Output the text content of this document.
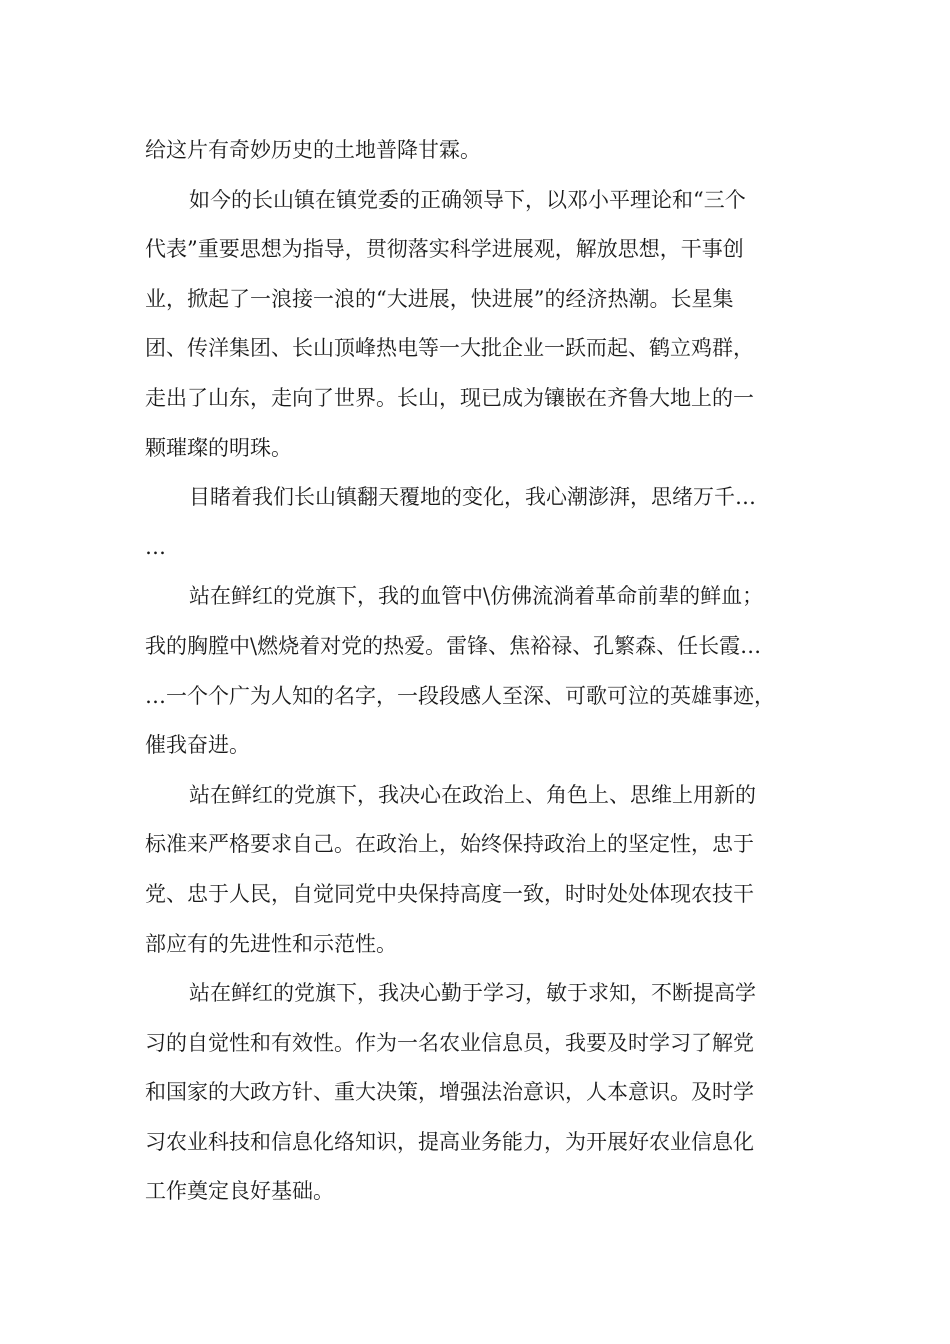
给这片有奇妙历史的土地普降甘霖。
如今的长山镇在镇党委的正确领导下，以邓小平理论和“三个
代表”重要思想为指导，贯彻落实科学进展观，解放思想，干事创
业，掀起了一浪接一浪的“大进展，快进展”的经济热潮。长星集
团、传洋集团、长山顶峰热电等一大批企业一跃而起、鹤立鸡群，
走出了山东，走向了世界。长山，现已成为镶嵌在齐鲁大地上的一
颗璀璨的明珠。
目睹着我们长山镇翻天覆地的变化，我心潮澎湃，思绪万千…
…
站在鲜红的党旗下，我的血管中\仿佛流淌着革命前辈的鲜血；
我的胸膛中\燃烧着对党的热爱。雷锋、焦裕禄、孔繁森、任长霞…
…一个个广为人知的名字，一段段感人至深、可歌可泣的英雄事迹，
催我奋进。
站在鲜红的党旗下，我决心在政治上、角色上、思维上用新的
标准来严格要求自己。在政治上，始终保持政治上的坚定性，忠于
党、忠于人民，自觉同党中央保持高度一致，时时处处体现农技干
部应有的先进性和示范性。
站在鲜红的党旗下，我决心勤于学习，敏于求知，不断提高学
习的自觉性和有效性。作为一名农业信息员，我要及时学习了解党
和国家的大政方针、重大决策，增强法治意识，人本意识。及时学
习农业科技和信息化络知识，提高业务能力，为开展好农业信息化
工作奠定良好基础。
